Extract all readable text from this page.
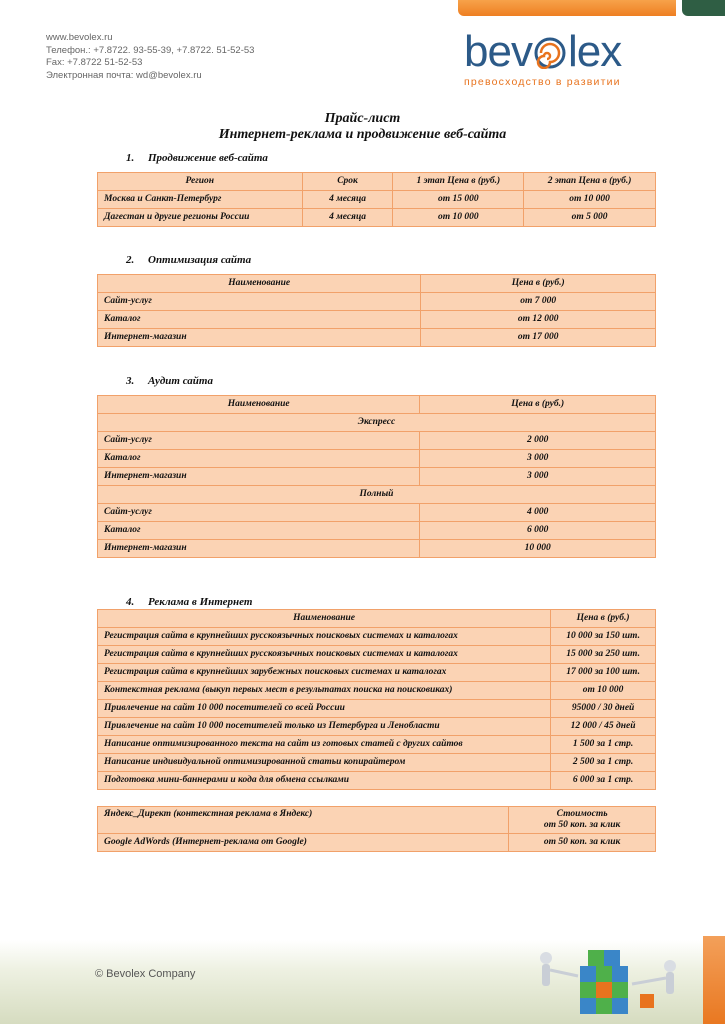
www.bevolex.ru
Телефон.: +7.8722. 93-55-39, +7.8722. 51-52-53
Fax: +7.8722 51-52-53
Электронная почта: wd@bevolex.ru	bev lex
превосходство в развитии
Прайс-лист
Интернет-реклама и продвижение веб-сайта
1. Продвижение веб-сайта
Регион	Срок	1 этап Цена в (руб.)	2 этап Цена в (руб.)
Москва и Санкт-Петербург	4 месяца	от 15 000	от 10 000
Дагестан и другие регионы России	4 месяца	от 10 000	от 5 000
2. Оптимизация сайта
Наименование	Цена в (руб.)
Сайт-услуг	от 7 000
Каталог	от 12 000
Интернет-магазин	от 17 000
3. Аудит сайта
Наименование	Цена в (руб.)
Экспресс	
Сайт-услуг	2 000
Каталог	3 000
Интернет-магазин	3 000
Полный	
Сайт-услуг	4 000
Каталог	6 000
Интернет-магазин	10 000
4. Реклама в Интернет
Наименование	Цена в (руб.)
Регистрация сайта в крупнейших русскоязычных поисковых системах и каталогах	10 000 за 150 шт.
Регистрация сайта в крупнейших русскоязычных поисковых системах и каталогах	15 000 за 250 шт.
Регистрация сайта в крупнейших зарубежных поисковых системах и каталогах	17 000 за 100 шт.
Контекстная реклама (выкуп первых мест в результатах поиска на поисковиках)	от 10 000
Привлечение на сайт 10 000 посетителей со всей России	95000 / 30 дней
Привлечение на сайт 10 000 посетителей только из Петербурга и Ленобласти	12 000 / 45 дней
Написание оптимизированного текста на сайт из готовых статей с других сайтов	1 500 за 1 стр.
Написание индивидуальной оптимизированной статьи копирайтером	2 500 за 1 стр.
Подготовка мини-баннерами и кода для обмена ссылками	6 000 за 1 стр.
Яндекс_Директ (контекстная реклама в Яндекс)	Стоимость
от 50 коп. за клик

Google AdWords (Интернет-реклама от Google)	от 50 коп. за клик
© Bevolex Company
